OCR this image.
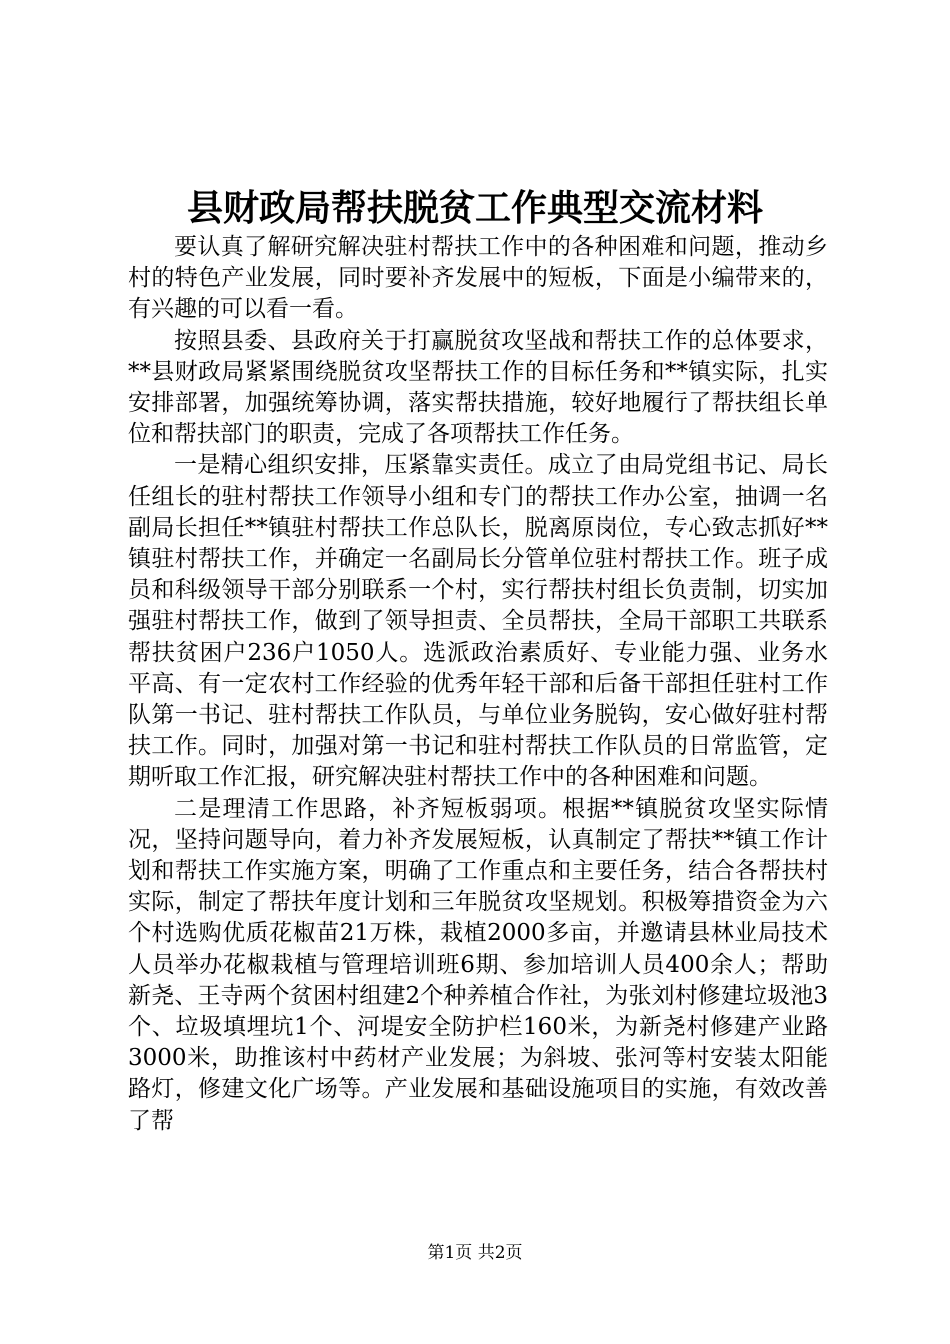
县财政局帮扶脱贫工作典型交流材料

要认真了解研究解决驻村帮扶工作中的各种困难和问题，推动乡村的特色产业发展，同时要补齐发展中的短板，下面是小编带来的，有兴趣的可以看一看。

按照县委、县政府关于打赢脱贫攻坚战和帮扶工作的总体要求，**县财政局紧紧围绕脱贫攻坚帮扶工作的目标任务和**镇实际，扎实安排部署，加强统筹协调，落实帮扶措施，较好地履行了帮扶组长单位和帮扶部门的职责，完成了各项帮扶工作任务。

一是精心组织安排，压紧靠实责任。成立了由局党组书记、局长任组长的驻村帮扶工作领导小组和专门的帮扶工作办公室，抽调一名副局长担任**镇驻村帮扶工作总队长，脱离原岗位，专心致志抓好**镇驻村帮扶工作，并确定一名副局长分管单位驻村帮扶工作。班子成员和科级领导干部分别联系一个村，实行帮扶村组长负责制，切实加强驻村帮扶工作，做到了领导担责、全员帮扶，全局干部职工共联系帮扶贫困户236户1050人。选派政治素质好、专业能力强、业务水平高、有一定农村工作经验的优秀年轻干部和后备干部担任驻村工作队第一书记、驻村帮扶工作队员，与单位业务脱钩，安心做好驻村帮扶工作。同时，加强对第一书记和驻村帮扶工作队员的日常监管，定期听取工作汇报，研究解决驻村帮扶工作中的各种困难和问题。

二是理清工作思路，补齐短板弱项。根据**镇脱贫攻坚实际情况，坚持问题导向，着力补齐发展短板，认真制定了帮扶**镇工作计划和帮扶工作实施方案，明确了工作重点和主要任务，结合各帮扶村实际，制定了帮扶年度计划和三年脱贫攻坚规划。积极筹措资金为六个村选购优质花椒苗21万株，栽植2000多亩，并邀请县林业局技术人员举办花椒栽植与管理培训班6期、参加培训人员400余人；帮助新尧、王寺两个贫困村组建2个种养植合作社，为张刘村修建垃圾池3个、垃圾填埋坑1个、河堤安全防护栏160米，为新尧村修建产业路3000米，助推该村中药材产业发展；为斜坡、张河等村安装太阳能路灯，修建文化广场等。产业发展和基础设施项目的实施，有效改善了帮

第1页 共2页
